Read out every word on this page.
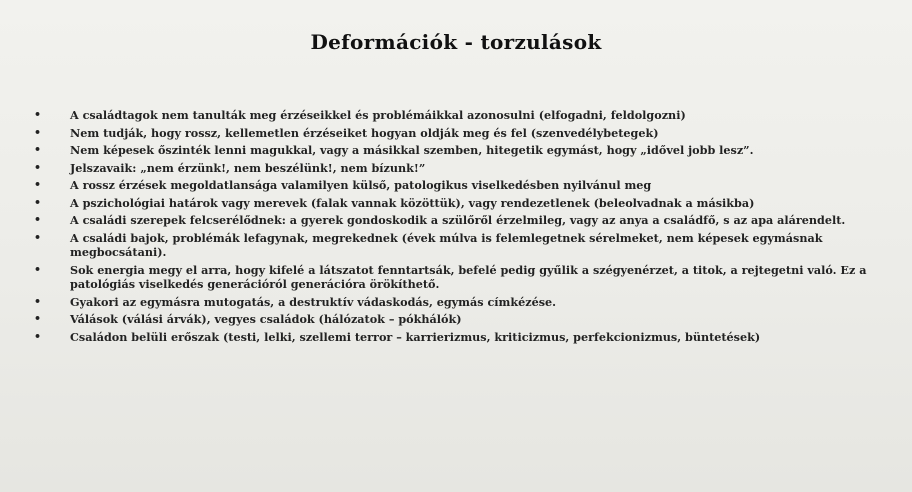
Deformációk - torzulások
•	A családtagok nem tanulták meg érzéseikkel és problémáikkal azonosulni (elfogadni, feldolgozni)
•	Nem tudják, hogy rossz, kellemetlen érzéseiket hogyan oldják meg és fel (szenvedélybetegek)
•	Nem képesek őszinték lenni magukkal, vagy a másikkal szemben, hitegetik egymást, hogy „idővel jobb lesz”.
•	Jelszavaik: „nem érzünk!, nem beszélünk!, nem bízunk!”
•	A rossz érzések megoldatlansága valamilyen külső, patologikus viselkedésben nyilvánul meg
•	A pszichológiai határok vagy merevek (falak vannak közöttük), vagy rendezetlenek (beleolvadnak a másikba)
•	A családi szerepek felcserélődnek: a gyerek gondoskodik a szülőről érzelmileg, vagy az anya a családfő, s az apa alárendelt.
•	A családi bajok, problémák lefagynak, megrekednek (évek múlva is felemlegetnek sérelmeket, nem képesek egymásnak megbocsátani).
•	Sok energia megy el arra, hogy kifelé a látszatot fenntartsák, befelé pedig gyűlik a szégyenérzet, a titok, a rejtegetni való. Ez a patológiás viselkedés generációról generációra örökíthető.
•	Gyakori az egymásra mutogatás, a destruktív vádaskodás, egymás címkézése.
•	Válások (válási árvák), vegyes családok (hálózatok – pókhálók)
•	Családon belüli erőszak (testi, lelki, szellemi terror – karrierizmus, kriticizmus, perfekcionizmus, büntetések)
